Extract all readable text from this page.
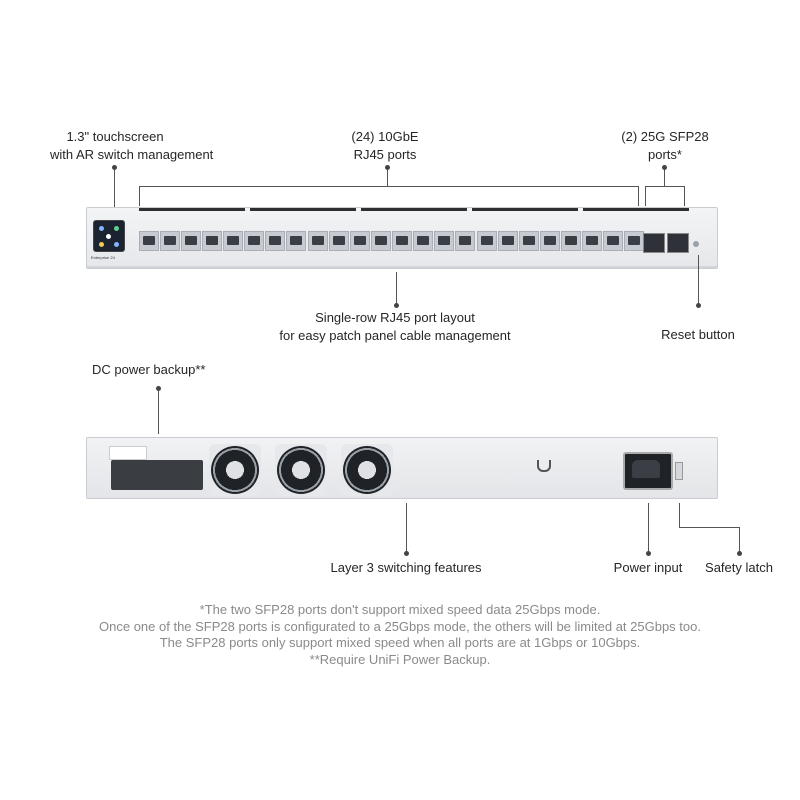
1.3" touchscreen
with AR switch management
(24) 10GbE
RJ45 ports
(2) 25G SFP28
ports*
Enterprise 24
Single-row RJ45 port layout
for easy patch panel cable management	Reset button
DC power backup**
Layer 3 switching features	Power input	Safety latch
*The two SFP28 ports don't support mixed speed data 25Gbps mode.
Once one of the SFP28 ports is configurated to a 25Gbps mode, the others will be limited at 25Gbps too.
The SFP28 ports only support mixed speed when all ports are at 1Gbps or 10Gbps.
**Require UniFi Power Backup.
